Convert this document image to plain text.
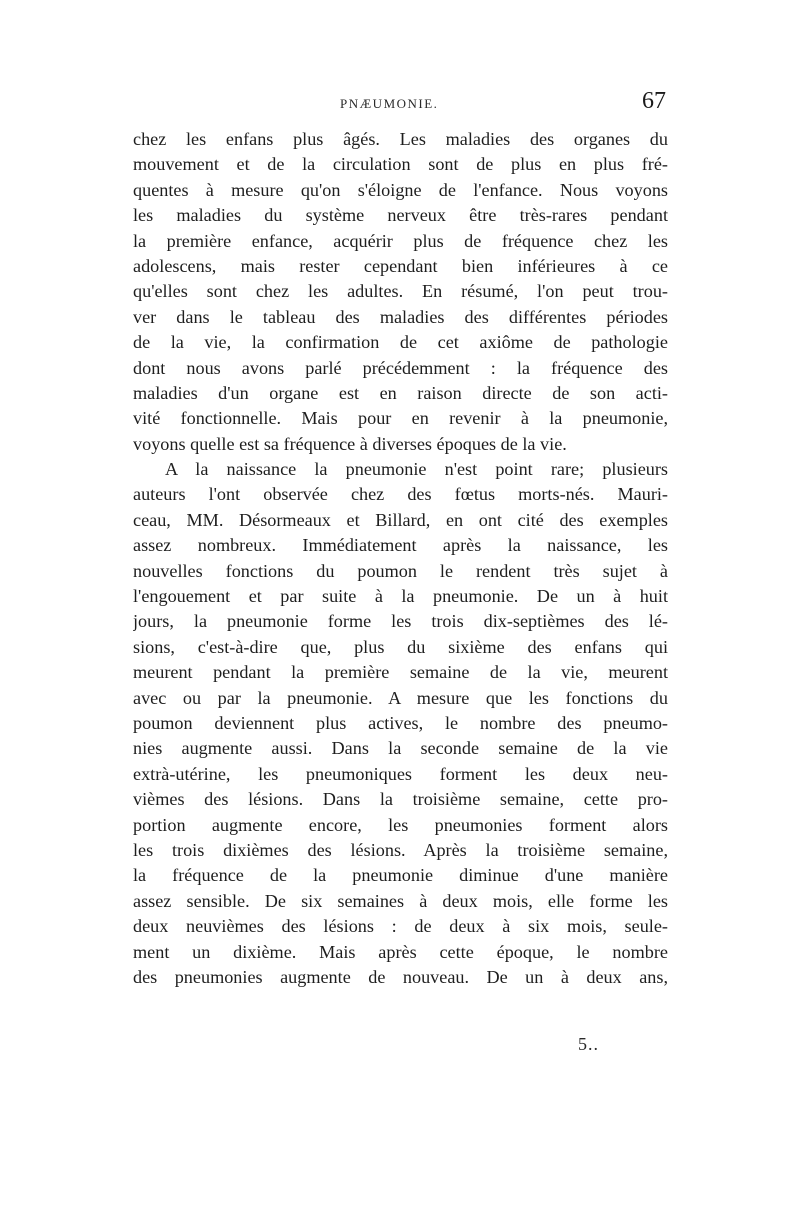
PNÆUMONIE.	67
chez les enfans plus âgés. Les maladies des organes du
mouvement et de la circulation sont de plus en plus fré-
quentes à mesure qu'on s'éloigne de l'enfance. Nous voyons
les maladies du système nerveux être très-rares pendant
la première enfance, acquérir plus de fréquence chez les
adolescens, mais rester cependant bien inférieures à ce
qu'elles sont chez les adultes. En résumé, l'on peut trou-
ver dans le tableau des maladies des différentes périodes
de la vie, la confirmation de cet axiôme de pathologie
dont nous avons parlé précédemment : la fréquence des
maladies d'un organe est en raison directe de son acti-
vité fonctionnelle. Mais pour en revenir à la pneumonie,
voyons quelle est sa fréquence à diverses époques de la vie.
A la naissance la pneumonie n'est point rare; plusieurs
auteurs l'ont observée chez des fœtus morts-nés. Mauri-
ceau, MM. Désormeaux et Billard, en ont cité des exemples
assez nombreux. Immédiatement après la naissance, les
nouvelles fonctions du poumon le rendent très sujet à
l'engouement et par suite à la pneumonie. De un à huit
jours, la pneumonie forme les trois dix-septièmes des lé-
sions, c'est-à-dire que, plus du sixième des enfans qui
meurent pendant la première semaine de la vie, meurent
avec ou par la pneumonie. A mesure que les fonctions du
poumon deviennent plus actives, le nombre des pneumo-
nies augmente aussi. Dans la seconde semaine de la vie
extrà-utérine, les pneumoniques forment les deux neu-
vièmes des lésions. Dans la troisième semaine, cette pro-
portion augmente encore, les pneumonies forment alors
les trois dixièmes des lésions. Après la troisième semaine,
la fréquence de la pneumonie diminue d'une manière
assez sensible. De six semaines à deux mois, elle forme les
deux neuvièmes des lésions : de deux à six mois, seule-
ment un dixième. Mais après cette époque, le nombre
des pneumonies augmente de nouveau. De un à deux ans,
5..
